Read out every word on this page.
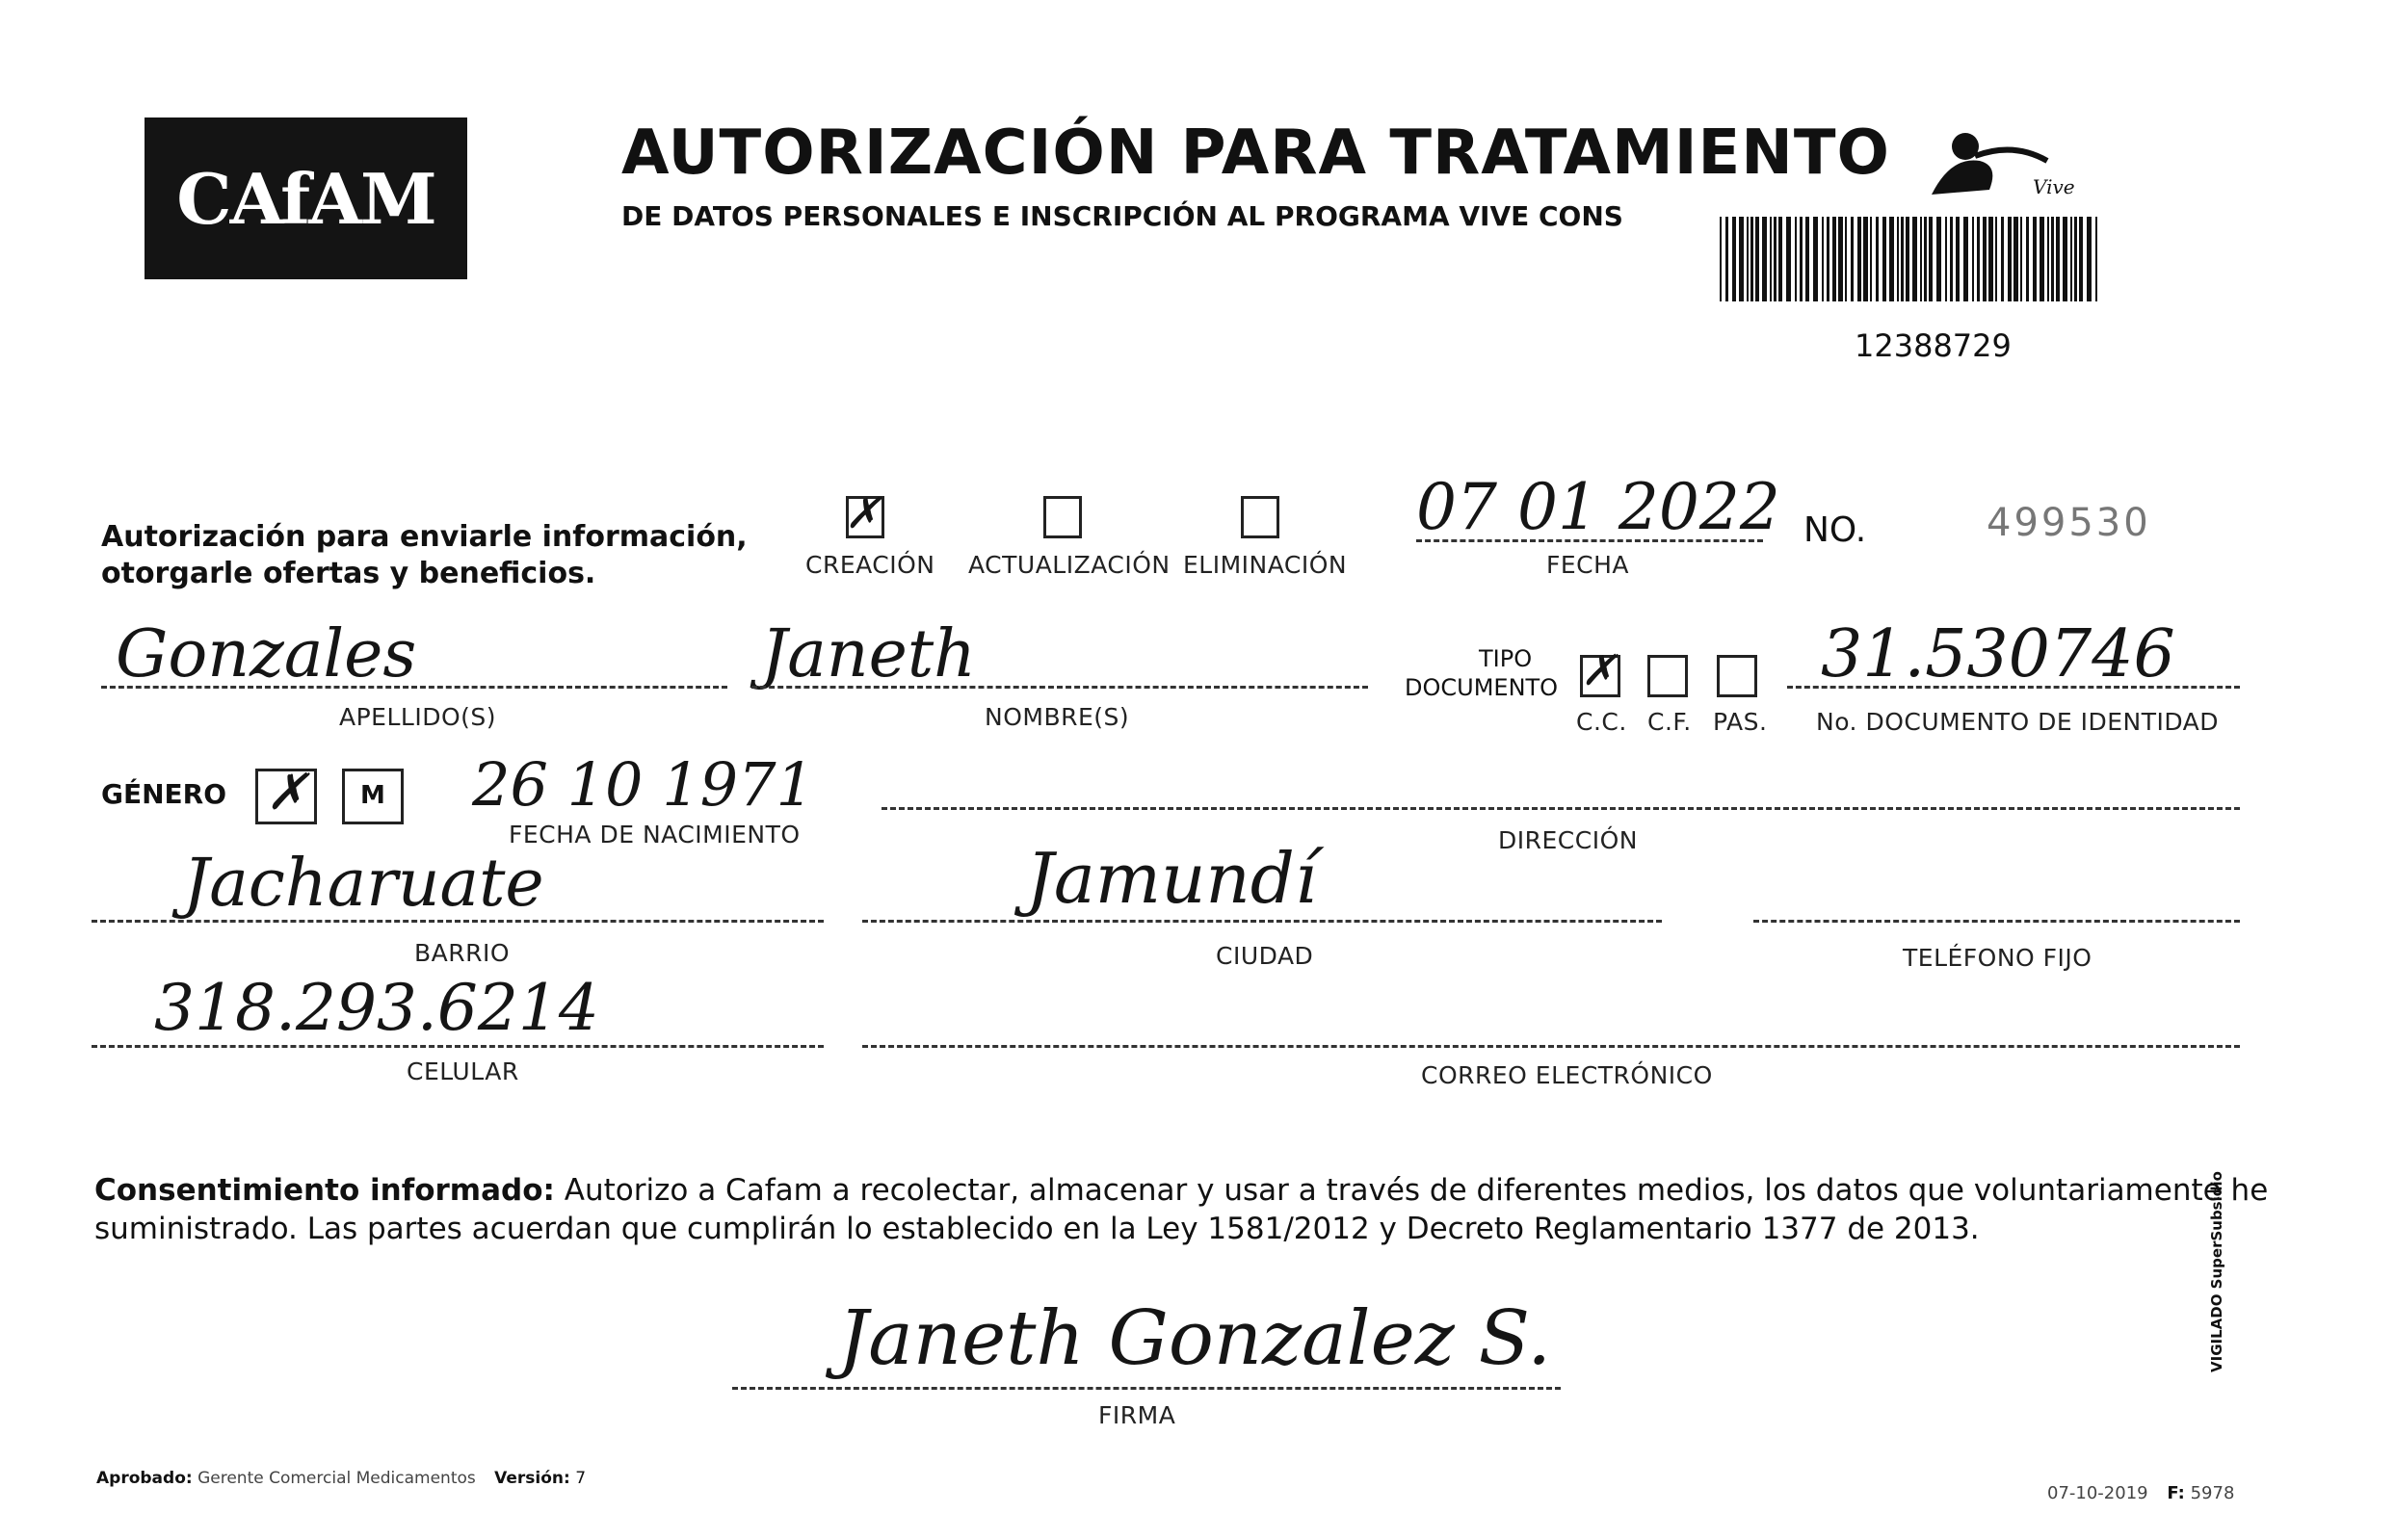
CAfAM
AUTORIZACIÓN PARA TRATAMIENTO
DE DATOS PERSONALES E INSCRIPCIÓN AL PROGRAMA VIVE CONS
Vive
12388729
Autorización para enviarle información,
otorgarle ofertas y beneficios.
✗
CREACIÓN ACTUALIZACIÓN ELIMINACIÓN
07 01 2022
FECHA
NO.	499530
Gonzales
APELLIDO(S)
Janeth
NOMBRE(S)
TIPO
DOCUMENTO ✗
C.C. C.F. PAS.
31.530746
No. DOCUMENTO DE IDENTIDAD
GÉNERO ✗ M 26 10 1971
FECHA DE NACIMIENTO	DIRECCIÓN
Jacharuate
BARRIO
Jamundí
CIUDAD	TELÉFONO FIJO
318.293.6214
CELULAR	CORREO ELECTRÓNICO
Consentimiento informado: Autorizo a Cafam a recolectar, almacenar y usar a través de diferentes medios, los datos que voluntariamente he
suministrado. Las partes acuerdan que cumplirán lo establecido en la Ley 1581/2012 y Decreto Reglamentario 1377 de 2013.
Janeth Gonzalez S.
FIRMA
Aprobado: Gerente Comercial Medicamentos Versión: 7
07-10-2019 F: 5978
VIGILADO SuperSubsidio
